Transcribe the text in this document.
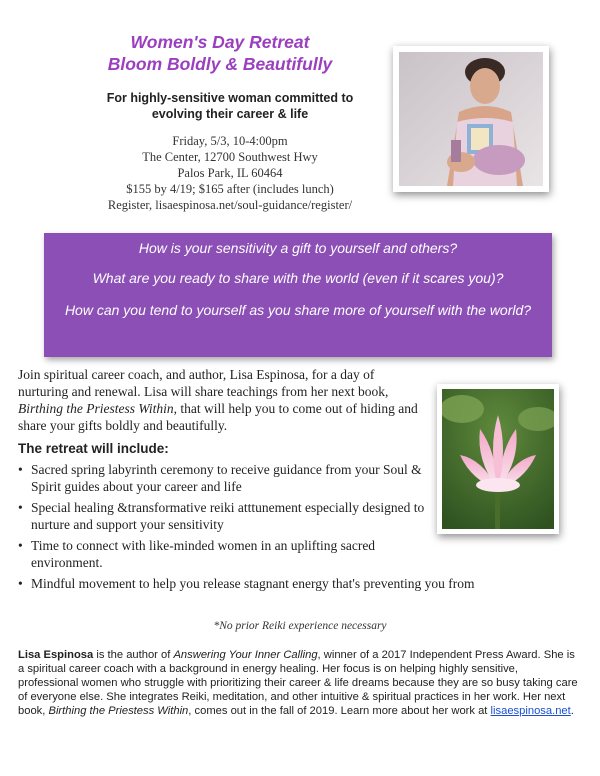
Women's Day Retreat
Bloom Boldly & Beautifully
For highly-sensitive woman committed to evolving their career & life
Friday, 5/3, 10-4:00pm
The Center, 12700 Southwest Hwy
Palos Park, IL 60464
$155 by 4/19; $165 after (includes lunch)
Register, lisaespinosa.net/soul-guidance/register/

How is your sensitivity a gift to yourself and others?

What are you ready to share with the world (even if it scares you)?

How can you tend to yourself as you share more of yourself with the world?

Join spiritual career coach, and author, Lisa Espinosa, for a day of nurturing and renewal. Lisa will share teachings from her next book, Birthing the Priestess Within, that will help you to come out of hiding and share your gifts boldly and beautifully.
The retreat will include:
• Sacred spring labyrinth ceremony to receive guidance from your Soul & Spirit guides about your career and life
• Special healing &transformative reiki atttunement especially designed to nurture and support your sensitivity
• Time to connect with like-minded women in an uplifting sacred environment.
• Mindful movement to help you release stagnant energy that's preventing you from
*No prior Reiki experience necessary
Lisa Espinosa is the author of Answering Your Inner Calling, winner of a 2017 Independent Press Award. She is a spiritual career coach with a background in energy healing. Her focus is on helping highly sensitive, professional women who struggle with prioritizing their career & life dreams because they are so busy taking care of everyone else. She integrates Reiki, meditation, and other intuitive & spiritual practices in her work. Her next book, Birthing the Priestess Within, comes out in the fall of 2019. Learn more about her work at lisaespinosa.net.
